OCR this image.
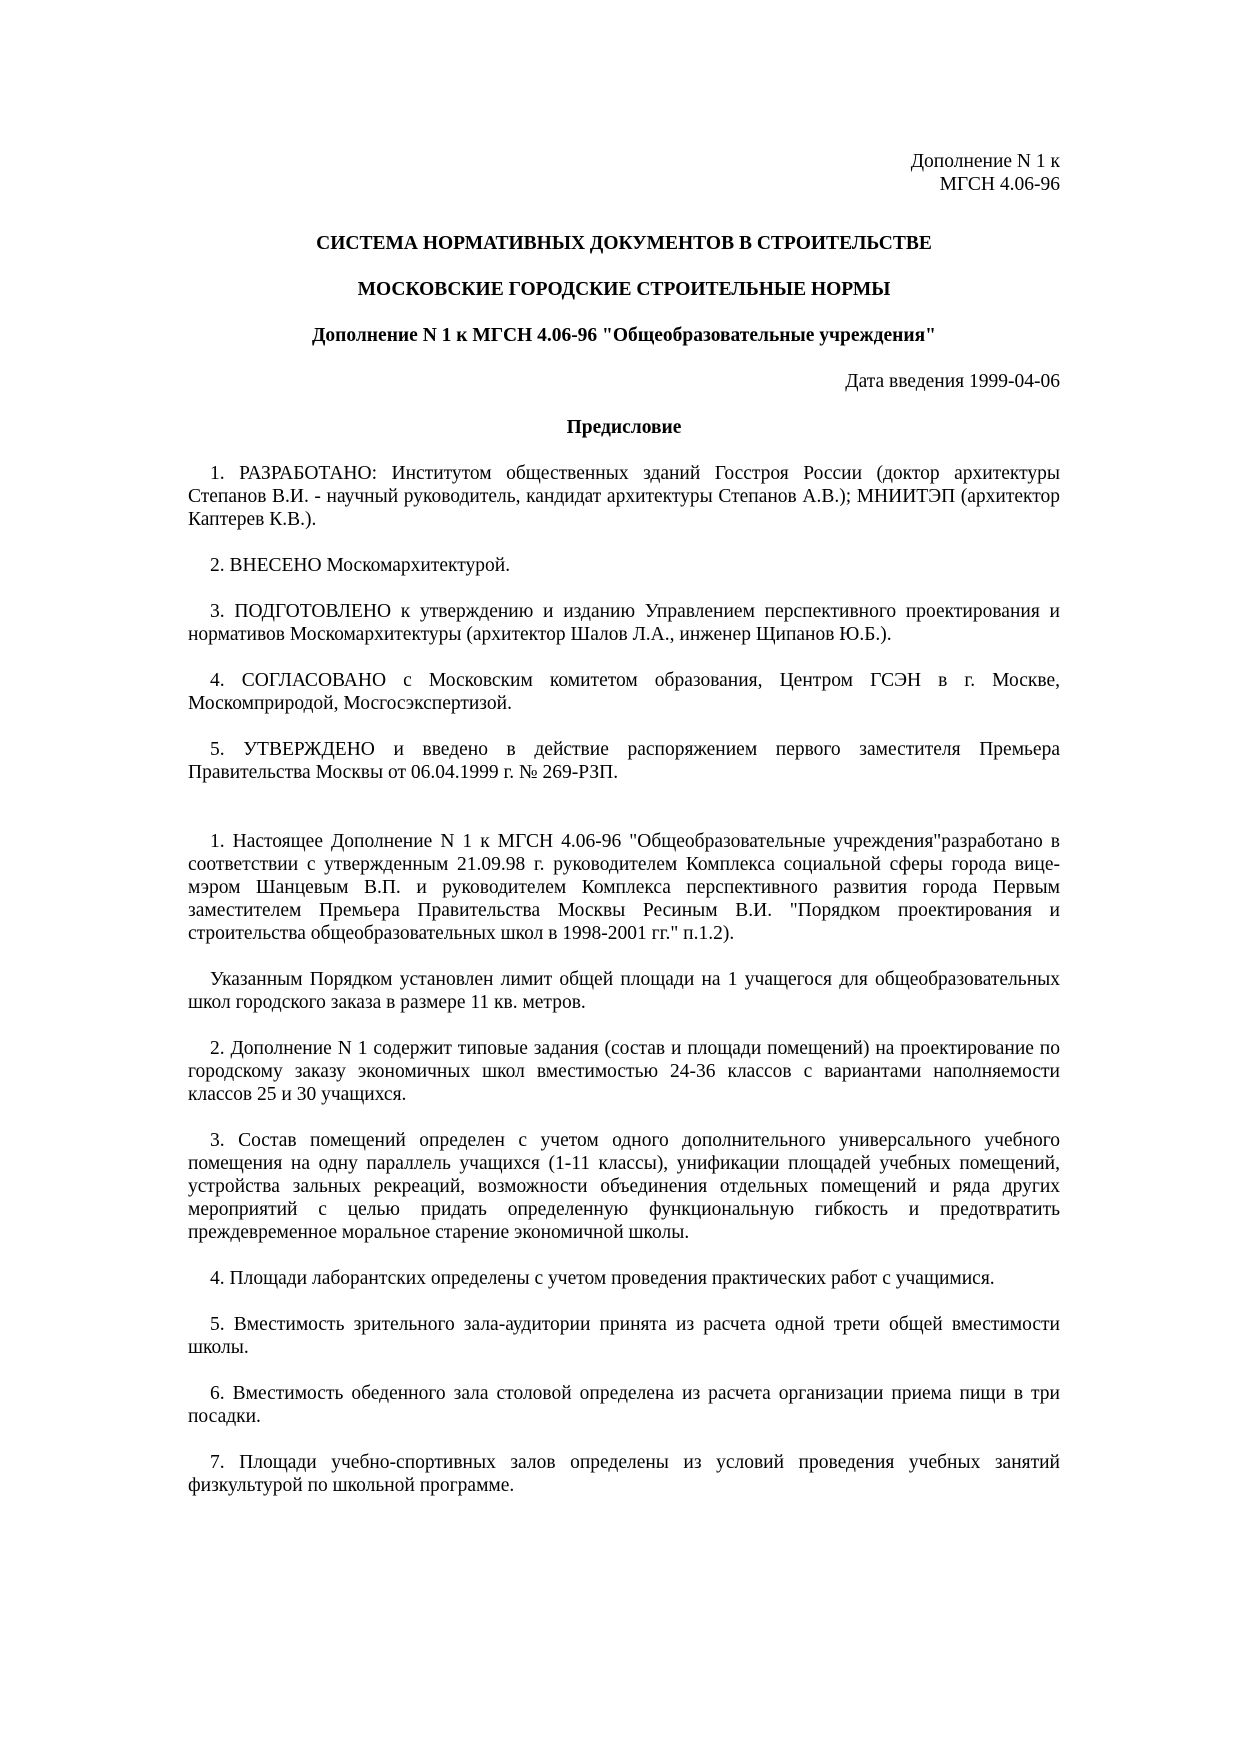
Дополнение N 1 к
МГСН 4.06-96
СИСТЕМА НОРМАТИВНЫХ ДОКУМЕНТОВ В СТРОИТЕЛЬСТВЕ
МОСКОВСКИЕ ГОРОДСКИЕ СТРОИТЕЛЬНЫЕ НОРМЫ
Дополнение N 1 к МГСН 4.06-96 "Общеобразовательные учреждения"
Дата введения 1999-04-06
Предисловие

1. РАЗРАБОТАНО: Институтом общественных зданий Госстроя России (доктор архитектуры Степанов В.И. - научный руководитель, кандидат архитектуры Степанов А.В.); МНИИТЭП (архитектор Каптерев К.В.).

2. ВНЕСЕНО Москомархитектурой.

3. ПОДГОТОВЛЕНО к утверждению и изданию Управлением перспективного проектирования и нормативов Москомархитектуры (архитектор Шалов Л.А., инженер Щипанов Ю.Б.).

4. СОГЛАСОВАНО с Московским комитетом образования, Центром ГСЭН в г. Москве, Москомприродой, Мосгосэкспертизой.

5. УТВЕРЖДЕНО и введено в действие распоряжением первого заместителя Премьера Правительства Москвы от 06.04.1999 г. № 269-РЗП.

1. Настоящее Дополнение N 1 к МГСН 4.06-96 "Общеобразовательные учреждения"разработано в соответствии с утвержденным 21.09.98 г. руководителем Комплекса социальной сферы города вице-мэром Шанцевым В.П. и руководителем Комплекса перспективного развития города Первым заместителем Премьера Правительства Москвы Ресиным В.И. "Порядком проектирования и строительства общеобразовательных школ в 1998-2001 гг." п.1.2).

Указанным Порядком установлен лимит общей площади на 1 учащегося для общеобразовательных школ городского заказа в размере 11 кв. метров.

2. Дополнение N 1 содержит типовые задания (состав и площади помещений) на проектирование по городскому заказу экономичных школ вместимостью 24-36 классов с вариантами наполняемости классов 25 и 30 учащихся.

3. Состав помещений определен с учетом одного дополнительного универсального учебного помещения на одну параллель учащихся (1-11 классы), унификации площадей учебных помещений, устройства зальных рекреаций, возможности объединения отдельных помещений и ряда других мероприятий с целью придать определенную функциональную гибкость и предотвратить преждевременное моральное старение экономичной школы.

4. Площади лаборантских определены с учетом проведения практических работ с учащимися.

5. Вместимость зрительного зала-аудитории принята из расчета одной трети общей вместимости школы.

6. Вместимость обеденного зала столовой определена из расчета организации приема пищи в три посадки.

7. Площади учебно-спортивных залов определены из условий проведения учебных занятий физкультурой по школьной программе.
